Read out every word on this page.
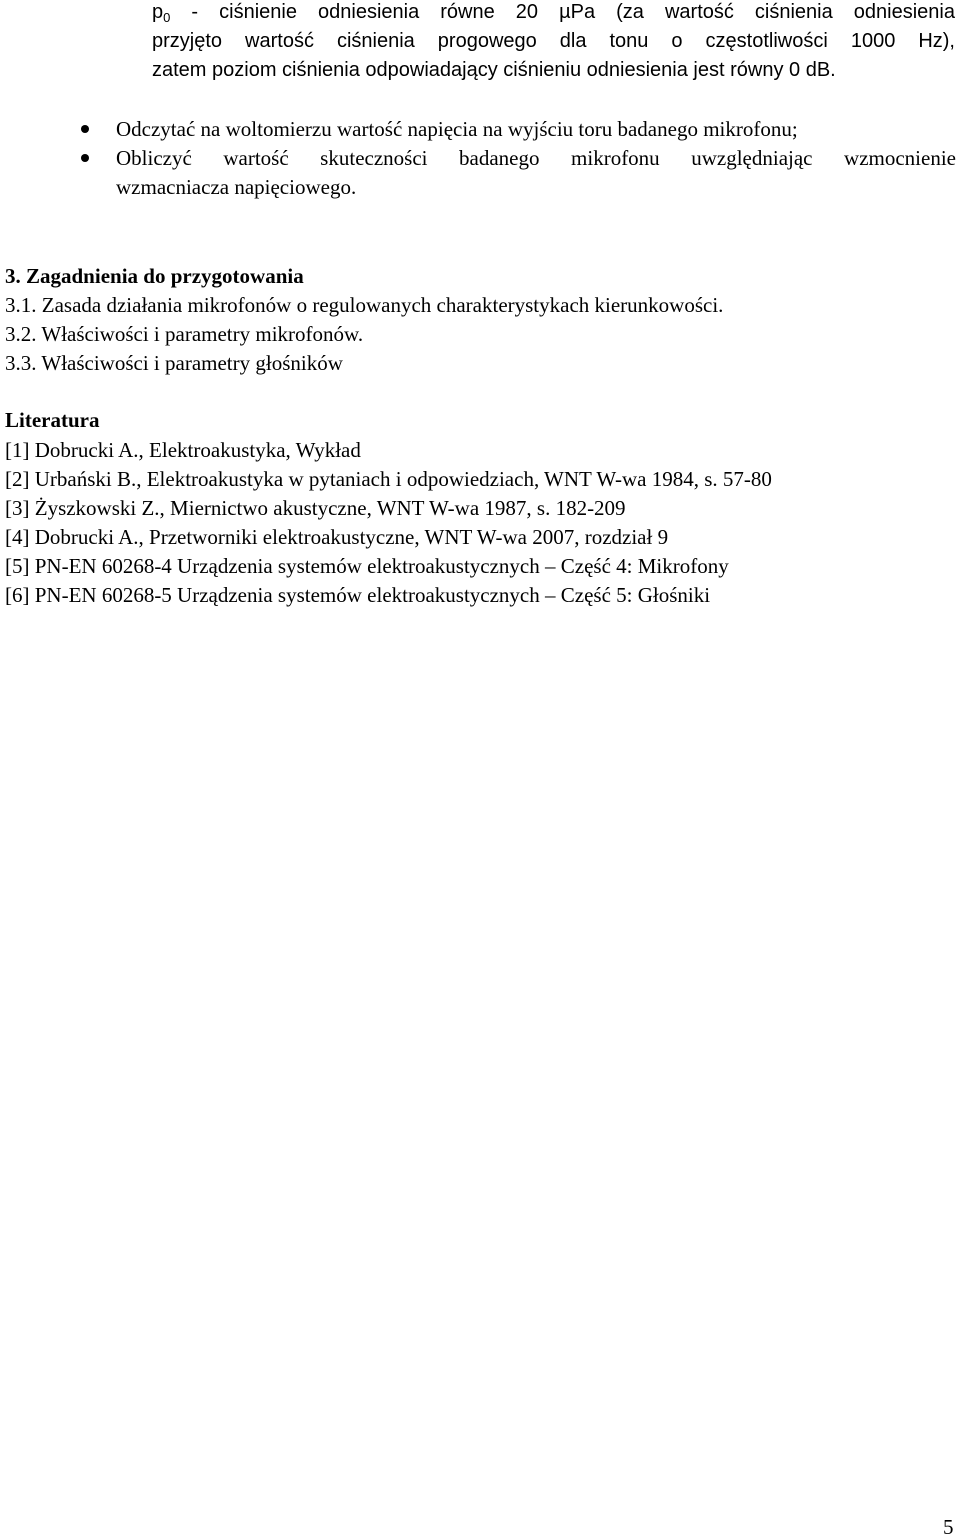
$p_0$ - ciśnienie odniesienia równe 20 µPa (za wartość ciśnienia odniesienia
przyjęto wartość ciśnienia progowego dla tonu o częstotliwości 1000 Hz),
zatem poziom ciśnienia odpowiadający ciśnieniu odniesienia jest równy 0 dB.
Odczytać na woltomierzu wartość napięcia na wyjściu toru badanego mikrofonu;
Obliczyć wartość skuteczności badanego mikrofonu uwzględniając wzmocnienie
wzmacniacza napięciowego.
3. Zagadnienia do przygotowania
3.1. Zasada działania mikrofonów o regulowanych charakterystykach kierunkowości.
3.2. Właściwości i parametry mikrofonów.
3.3. Właściwości i parametry głośników
Literatura
[1] Dobrucki A., Elektroakustyka, Wykład
[2] Urbański B., Elektroakustyka w pytaniach i odpowiedziach, WNT W-wa 1984, s. 57-80
[3] Żyszkowski Z., Miernictwo akustyczne, WNT W-wa 1987, s. 182-209
[4] Dobrucki A., Przetworniki elektroakustyczne, WNT W-wa 2007, rozdział 9
[5] PN-EN 60268-4 Urządzenia systemów elektroakustycznych – Część 4: Mikrofony
[6] PN-EN 60268-5 Urządzenia systemów elektroakustycznych – Część 5: Głośniki
5
